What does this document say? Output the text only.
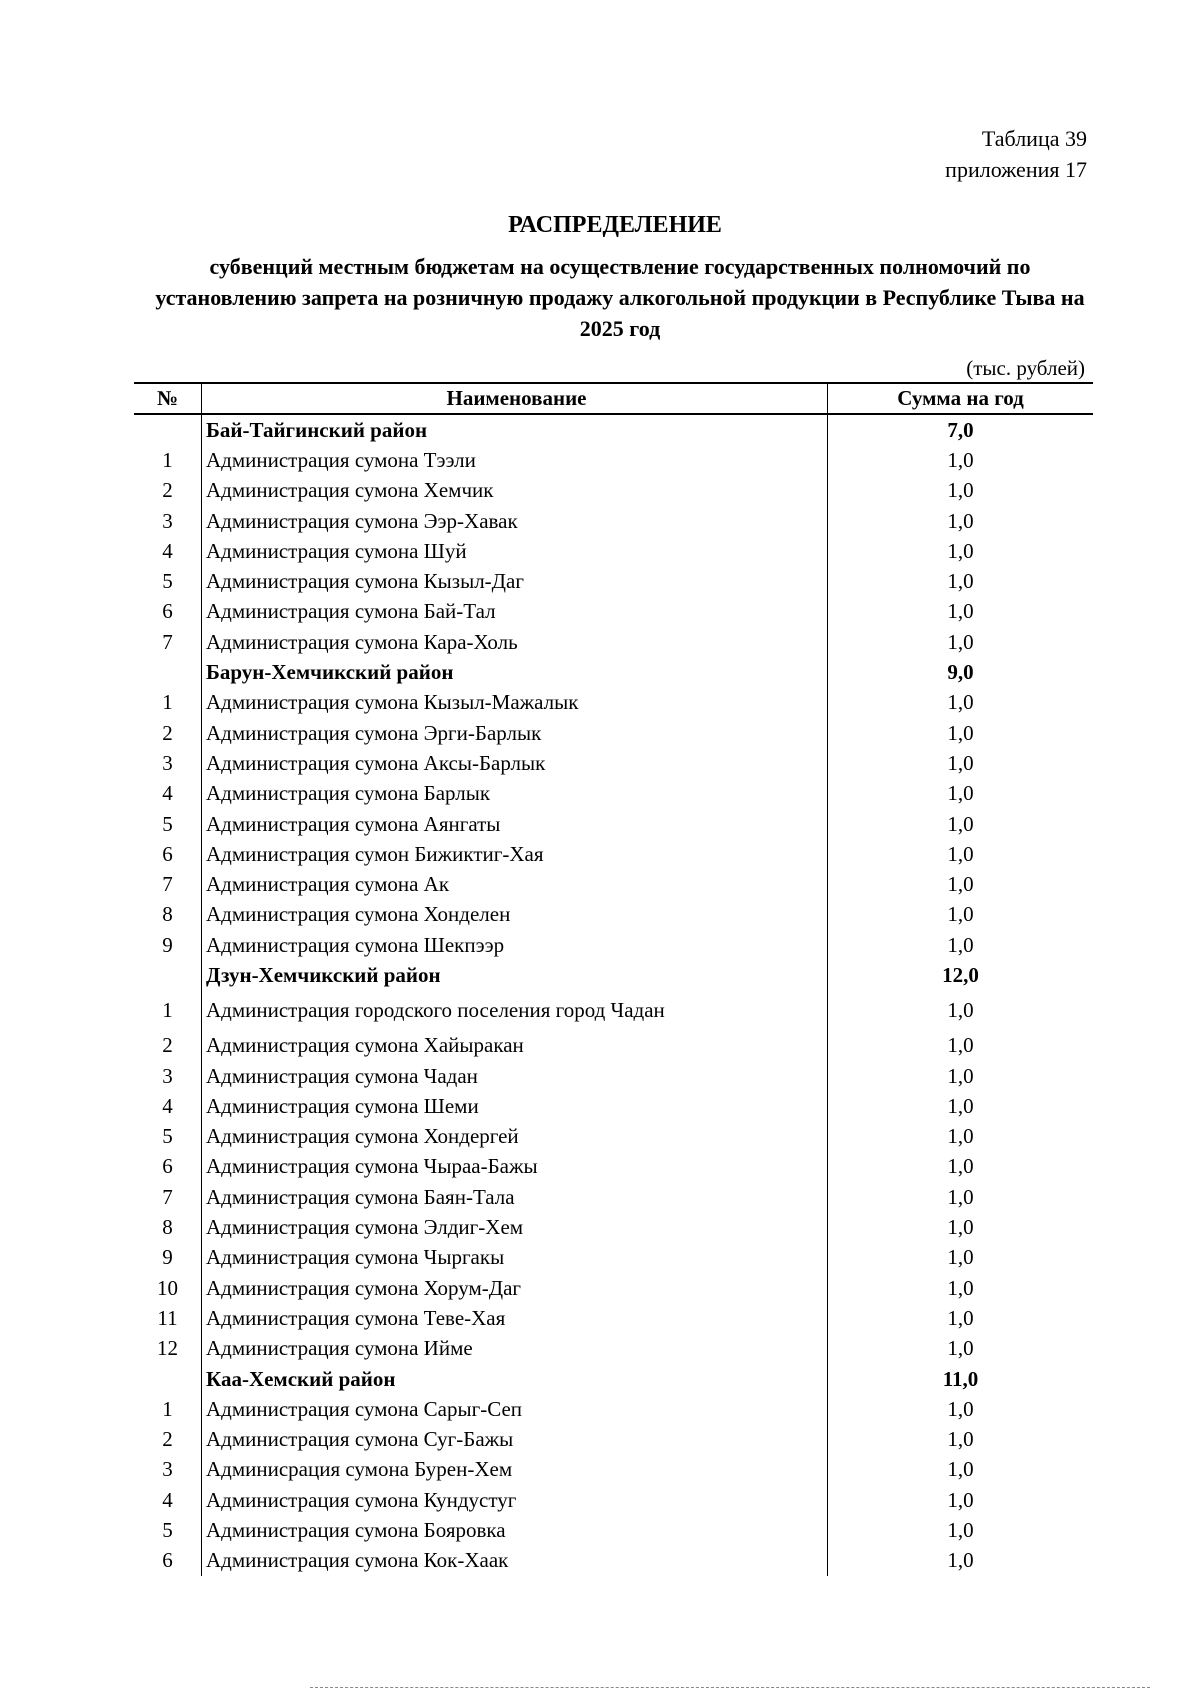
Таблица 39
приложения 17
РАСПРЕДЕЛЕНИЕ
субвенций местным бюджетам на осуществление государственных полномочий по установлению запрета на розничную продажу алкогольной продукции в Республике Тыва на 2025 год
(тыс. рублей)
№	Наименование	Сумма на год
	Бай-Тайгинский район	7,0
1	Администрация сумона Тээли	1,0
2	Администрация сумона Хемчик	1,0
3	Администрация сумона Ээр-Хавак	1,0
4	Администрация сумона Шуй	1,0
5	Администрация сумона Кызыл-Даг	1,0
6	Администрация сумона Бай-Тал	1,0
7	Администрация сумона Кара-Холь	1,0
	Барун-Хемчикский район	9,0
1	Администрация сумона Кызыл-Мажалык	1,0
2	Администрация сумона Эрги-Барлык	1,0
3	Администрация сумона Аксы-Барлык	1,0
4	Администрация сумона Барлык	1,0
5	Администрация сумона Аянгаты	1,0
6	Администрация сумон Бижиктиг-Хая	1,0
7	Администрация сумона Ак	1,0
8	Администрация сумона Хонделен	1,0
9	Администрация сумона Шекпээр	1,0
	Дзун-Хемчикский район	12,0
1	Администрация городского поселения город Чадан	1,0
2	Администрация сумона Хайыракан	1,0
3	Администрация сумона Чадан	1,0
4	Администрация сумона Шеми	1,0
5	Администрация сумона Хондергей	1,0
6	Администрация сумона Чыраа-Бажы	1,0
7	Администрация сумона Баян-Тала	1,0
8	Администрация сумона Элдиг-Хем	1,0
9	Администрация сумона Чыргакы	1,0
10	Администрация сумона Хорум-Даг	1,0
11	Администрация сумона Теве-Хая	1,0
12	Администрация сумона Ийме	1,0
	Каа-Хемский район	11,0
1	Администрация сумона Сарыг-Сеп	1,0
2	Администрация сумона Суг-Бажы	1,0
3	Админисрация сумона Бурен-Хем	1,0
4	Администрация сумона Кундустуг	1,0
5	Администрация сумона Бояровка	1,0
6	Администрация сумона Кок-Хаак	1,0
